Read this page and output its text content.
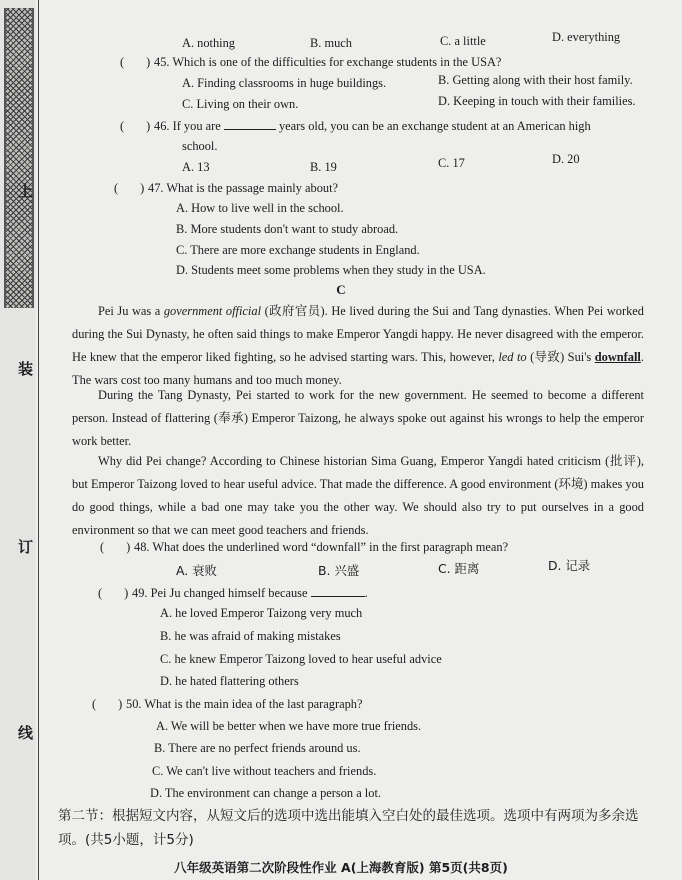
上
装
订
线
A. nothing	B. much	C. a little	D. everything
( ) 45. Which is one of the difficulties for exchange students in the USA?
A. Finding classrooms in huge buildings.	B. Getting along with their host family.
C. Living on their own.	D. Keeping in touch with their families.
( ) 46. If you are	years old, you can be an exchange student at an American high
school.
A. 13	B. 19	C. 17	D. 20
( ) 47. What is the passage mainly about?
A. How to live well in the school.
B. More students don't want to study abroad.
C. There are more exchange students in England.
D. Students meet some problems when they study in the USA.
C

Pei Ju was a government official (政府官员). He lived during the Sui and Tang dynasties. When Pei worked during the Sui Dynasty, he often said things to make Emperor Yangdi happy. He never disagreed with the emperor. He knew that the emperor liked fighting, so he advised starting wars. This, however, led to (导致) Sui's downfall. The wars cost too many humans and too much money.

During the Tang Dynasty, Pei started to work for the new government. He seemed to become a different person. Instead of flattering (奉承) Emperor Taizong, he always spoke out against his wrongs to help the emperor work better.

Why did Pei change? According to Chinese historian Sima Guang, Emperor Yangdi hated criticism (批评), but Emperor Taizong loved to hear useful advice. That made the difference. A good environment (环境) makes you do good things, while a bad one may take you the other way. We should also try to put ourselves in a good environment so that we can meet good teachers and friends.

( ) 48. What does the underlined word “downfall” in the first paragraph mean?
A. 衰败	B. 兴盛	C. 距离	D. 记录
( ) 49. Pei Ju changed himself because	.
A. he loved Emperor Taizong very much
B. he was afraid of making mistakes
C. he knew Emperor Taizong loved to hear useful advice
D. he hated flattering others
( ) 50. What is the main idea of the last paragraph?
A. We will be better when we have more true friends.
B. There are no perfect friends around us.
C. We can't live without teachers and friends.
D. The environment can change a person a lot.
第二节：根据短文内容，从短文后的选项中选出能填入空白处的最佳选项。选项中有两项为多余选项。(共5小题，计5分)
八年级英语第二次阶段性作业 A(上海教育版) 第5页(共8页)
